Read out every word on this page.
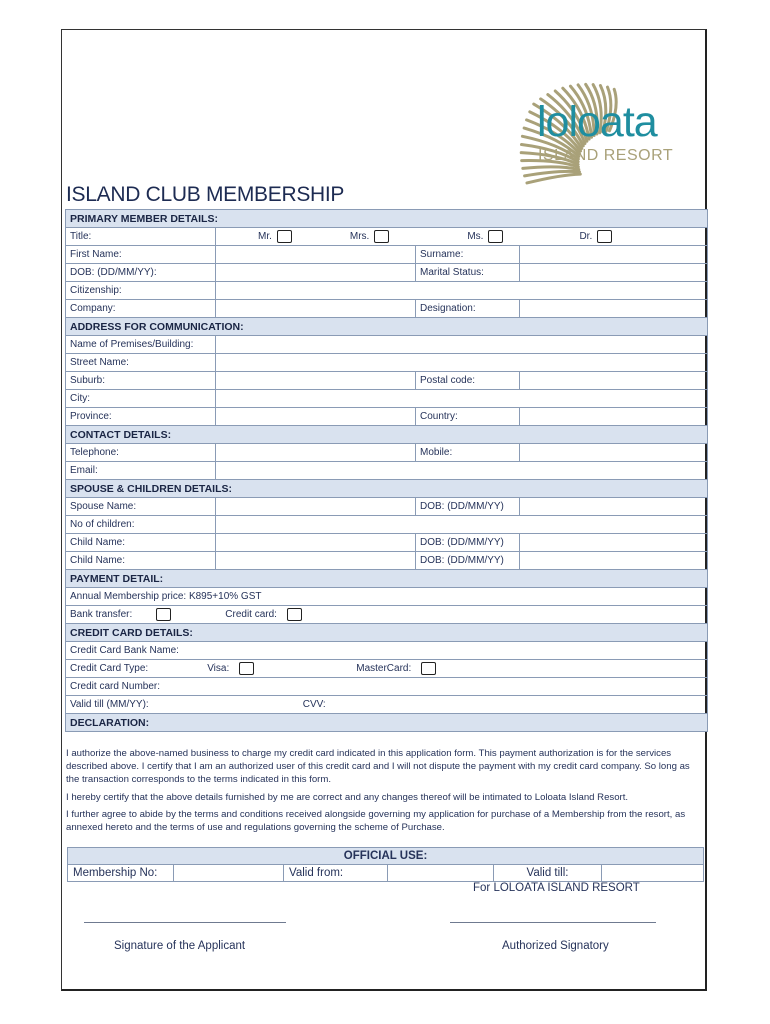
loloata
ISLAND RESORT
ISLAND CLUB MEMBERSHIP
PRIMARY MEMBER DETAILS:			
Title:	Mr. Mrs. Ms. Dr.		

First Name:		Surname:	
DOB: (DD/MM/YY):		Marital Status:	
Citizenship:			
Company:		Designation:	
ADDRESS FOR COMMUNICATION:			
Name of Premises/Building:			
Street Name:			
Suburb:		Postal code:	
City:			
Province:		Country:	
CONTACT DETAILS:			
Telephone:		Mobile:	
Email:			
SPOUSE & CHILDREN DETAILS:			
Spouse Name:		DOB: (DD/MM/YY)	
No of children:			
Child Name:		DOB: (DD/MM/YY)	
Child Name:		DOB: (DD/MM/YY)	
PAYMENT DETAIL:			
Annual Membership price: K895+10% GST			

Bank transfer: Credit card:			

CREDIT CARD DETAILS:			
Credit Card Bank Name:			

Credit Card Type: Visa: MasterCard:			

Credit card Number:			

Valid till (MM/YY): CVV:			

DECLARATION:			

I authorize the above-named business to charge my credit card indicated in this application form. This payment authorization is for the services described above. I certify that I am an authorized user of this credit card and I will not dispute the payment with my credit card company. So long as the transaction corresponds to the terms indicated in this form.

I hereby certify that the above details furnished by me are correct and any changes thereof will be intimated to Loloata Island Resort.

I further agree to abide by the terms and conditions received alongside governing my application for purchase of a Membership from the resort, as annexed hereto and the terms of use and regulations governing the scheme of Purchase.

OFFICIAL USE:
Membership No:		Valid from:		Valid till:	
For LOLOATA ISLAND RESORT
Signature of the Applicant	Authorized Signatory
